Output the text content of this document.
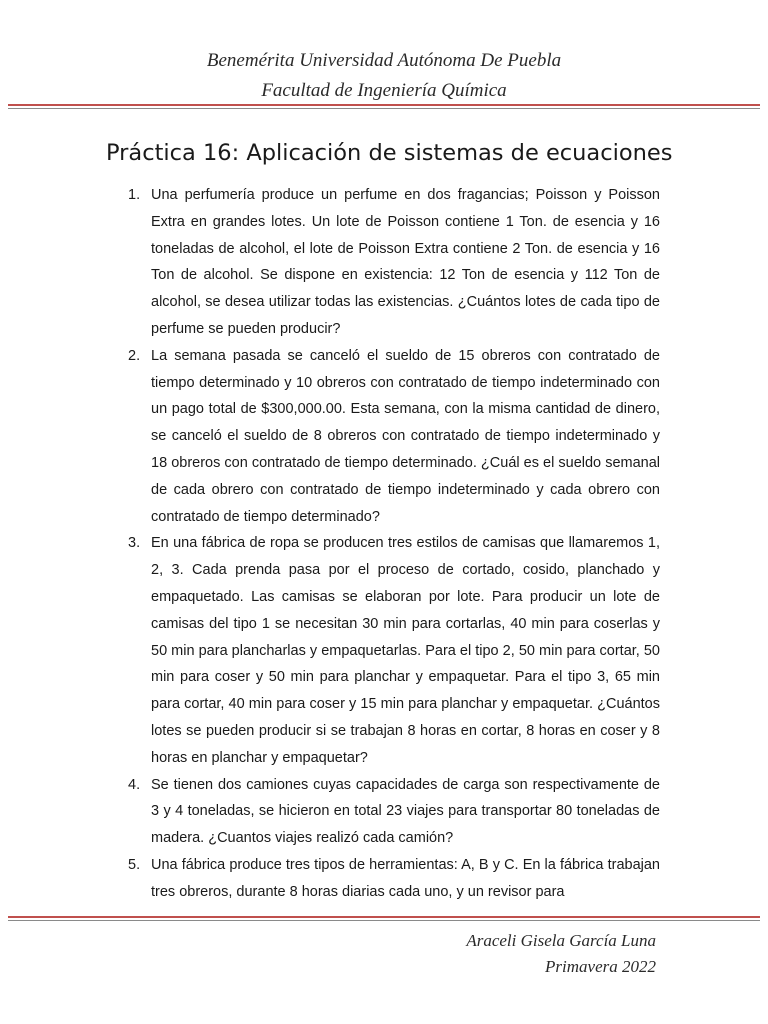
Benemérita Universidad Autónoma De Puebla
Facultad de Ingeniería Química
Práctica 16: Aplicación de sistemas de ecuaciones
1. Una perfumería produce un perfume en dos fragancias; Poisson y Poisson Extra en grandes lotes. Un lote de Poisson contiene 1 Ton. de esencia y 16 toneladas de alcohol, el lote de Poisson Extra contiene 2 Ton. de esencia y 16 Ton de alcohol. Se dispone en existencia: 12 Ton de esencia y 112 Ton de alcohol, se desea utilizar todas las existencias. ¿Cuántos lotes de cada tipo de perfume se pueden producir?
2. La semana pasada se canceló el sueldo de 15 obreros con contratado de tiempo determinado y 10 obreros con contratado de tiempo indeterminado con un pago total de $300,000.00. Esta semana, con la misma cantidad de dinero, se canceló el sueldo de 8 obreros con contratado de tiempo indeterminado y 18 obreros con contratado de tiempo determinado. ¿Cuál es el sueldo semanal de cada obrero con contratado de tiempo indeterminado y cada obrero con contratado de tiempo determinado?
3. En una fábrica de ropa se producen tres estilos de camisas que llamaremos 1, 2, 3. Cada prenda pasa por el proceso de cortado, cosido, planchado y empaquetado. Las camisas se elaboran por lote. Para producir un lote de camisas del tipo 1 se necesitan 30 min para cortarlas, 40 min para coserlas y 50 min para plancharlas y empaquetarlas. Para el tipo 2, 50 min para cortar, 50 min para coser y 50 min para planchar y empaquetar. Para el tipo 3, 65 min para cortar, 40 min para coser y 15 min para planchar y empaquetar. ¿Cuántos lotes se pueden producir si se trabajan 8 horas en cortar, 8 horas en coser y 8 horas en planchar y empaquetar?
4. Se tienen dos camiones cuyas capacidades de carga son respectivamente de 3 y 4 toneladas, se hicieron en total 23 viajes para transportar 80 toneladas de madera. ¿Cuantos viajes realizó cada camión?
5. Una fábrica produce tres tipos de herramientas: A, B y C. En la fábrica trabajan tres obreros, durante 8 horas diarias cada uno, y un revisor para
Araceli Gisela García Luna
Primavera 2022
